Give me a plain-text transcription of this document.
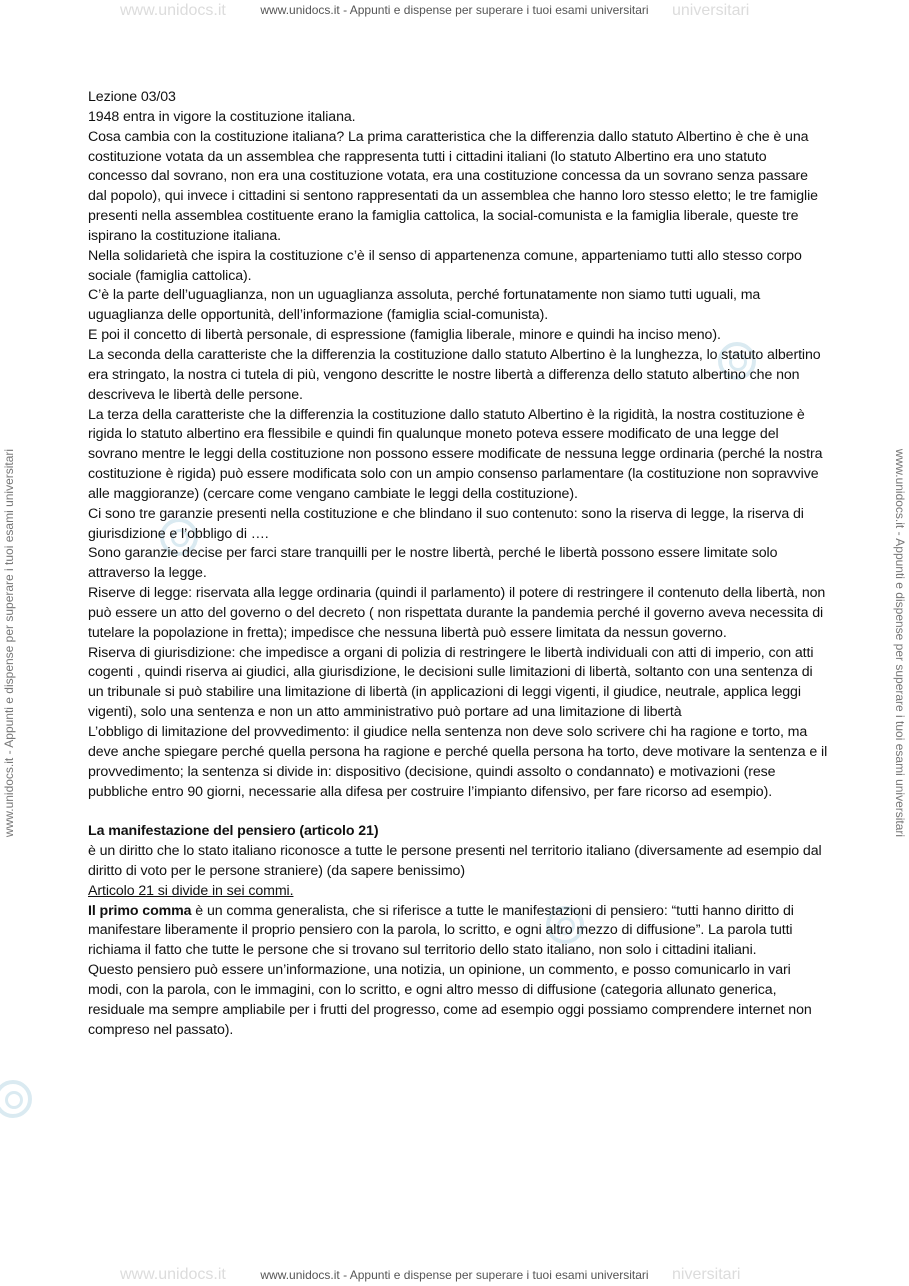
www.unidocs.it	universitari
www.unidocs.it - Appunti e dispense per superare i tuoi esami universitari
www.unidocs.it - Appunti e dispense per superare i tuoi esami universitari	www.unidocs.it - Appunti e dispense per superare i tuoi esami universitari
www.unidocs.it	niversitari
www.unidocs.it - Appunti e dispense per superare i tuoi esami universitari

Lezione 03/03

1948 entra in vigore la costituzione italiana.

Cosa cambia con la costituzione italiana? La prima caratteristica che la differenzia dallo statuto Albertino è che è una costituzione votata da un assemblea che rappresenta tutti i cittadini italiani (lo statuto Albertino era uno statuto concesso dal sovrano, non era una costituzione votata, era una costituzione concessa da un sovrano senza passare dal popolo), qui invece i cittadini si sentono rappresentati da un assemblea che hanno loro stesso eletto; le tre famiglie presenti nella assemblea costituente erano la famiglia cattolica, la social-comunista e la famiglia liberale, queste tre ispirano la costituzione italiana.

Nella solidarietà che ispira la costituzione c’è il senso di appartenenza comune, apparteniamo tutti allo stesso corpo sociale (famiglia cattolica).

C’è la parte dell’uguaglianza, non un uguaglianza assoluta, perché fortunatamente non siamo tutti uguali, ma uguaglianza delle opportunità, dell’informazione (famiglia scial-comunista).

E poi il concetto di libertà personale, di espressione (famiglia liberale, minore e quindi ha inciso meno).

La seconda della caratteriste che la differenzia la costituzione dallo statuto Albertino è la lunghezza, lo statuto albertino era stringato, la nostra ci tutela di più, vengono descritte le nostre libertà a differenza dello statuto albertino che non descriveva le libertà delle persone.

La terza della caratteriste che la differenzia la costituzione dallo statuto Albertino è la rigidità, la nostra costituzione è rigida lo statuto albertino era flessibile e quindi fin qualunque moneto poteva essere modificato de una legge del sovrano mentre le leggi della costituzione non possono essere modificate de nessuna legge ordinaria (perché la nostra costituzione è rigida) può essere modificata solo con un ampio consenso parlamentare (la costituzione non sopravvive alle maggioranze) (cercare come vengano cambiate le leggi della costituzione).

Ci sono tre garanzie presenti nella costituzione e che blindano il suo contenuto: sono la riserva di legge, la riserva di giurisdizione e l’obbligo di ….

Sono garanzie decise per farci stare tranquilli per le nostre libertà, perché le libertà possono essere limitate solo attraverso la legge.

Riserve di legge: riservata alla legge ordinaria (quindi il parlamento) il potere di restringere il contenuto della libertà, non può essere un atto del governo o del decreto ( non rispettata durante la pandemia perché il governo aveva necessita di tutelare la popolazione in fretta); impedisce che nessuna libertà può essere limitata da nessun governo.

Riserva di giurisdizione: che impedisce a organi di polizia di restringere le libertà individuali con atti di imperio, con atti cogenti , quindi riserva ai giudici, alla giurisdizione, le decisioni sulle limitazioni di libertà, soltanto con una sentenza di un tribunale si può stabilire una limitazione di libertà (in applicazioni di leggi vigenti, il giudice, neutrale, applica leggi vigenti), solo una sentenza e non un atto amministrativo può portare ad una limitazione di libertà

L’obbligo di limitazione del provvedimento: il giudice nella sentenza non deve solo scrivere chi ha ragione e torto, ma deve anche spiegare perché quella persona ha ragione e perché quella persona ha torto, deve motivare la sentenza e il provvedimento; la sentenza si divide in: dispositivo (decisione, quindi assolto o condannato) e motivazioni (rese pubbliche entro 90 giorni, necessarie alla difesa per costruire l’impianto difensivo, per fare ricorso ad esempio).

La manifestazione del pensiero (articolo 21)

è un diritto che lo stato italiano riconosce a tutte le persone presenti nel territorio italiano (diversamente ad esempio dal diritto di voto per le persone straniere) (da sapere benissimo)

Articolo 21 si divide in sei commi.

Il primo comma è un comma generalista, che si riferisce a tutte le manifestazioni di pensiero: “tutti hanno diritto di manifestare liberamente il proprio pensiero con la parola, lo scritto, e ogni altro mezzo di diffusione”. La parola tutti richiama il fatto che tutte le persone che si trovano sul territorio dello stato italiano, non solo i cittadini italiani.

Questo pensiero può essere un’informazione, una notizia, un opinione, un commento, e posso comunicarlo in vari modi, con la parola, con le immagini, con lo scritto, e ogni altro messo di diffusione (categoria allunato generica, residuale ma sempre ampliabile per i frutti del progresso, come ad esempio oggi possiamo comprendere internet non compreso nel passato).
